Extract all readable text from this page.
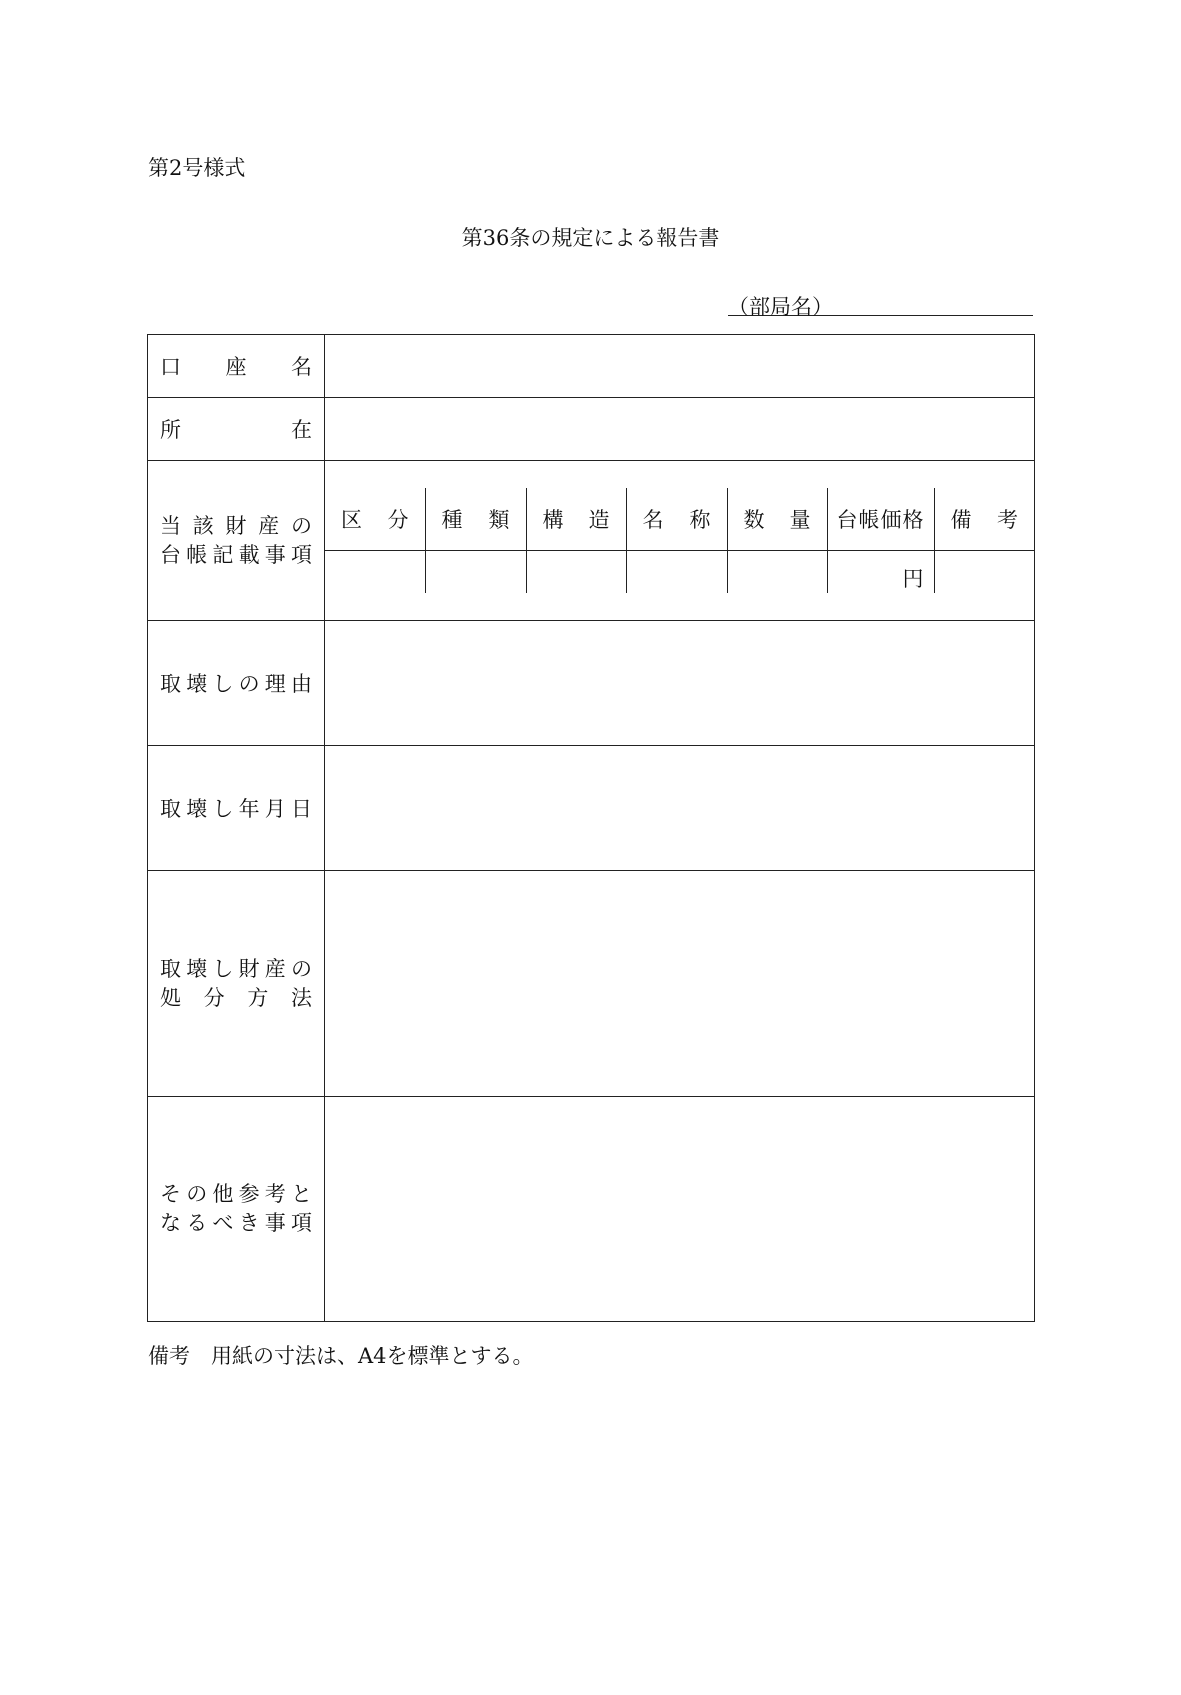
第2号様式
第36条の規定による報告書
（部局名）
口 座 名

所	在

当 該 財 産 の
台 帳 記 載 事 項

区 分	種 類	構 造	名 称	数 量	台帳価格	備 考

					円	

取 壊 し の 理 由

取 壊 し 年 月 日

取 壊 し 財 産 の
処 分 方 法

そ の 他 参 考 と
な る べ き 事 項

備考　用紙の寸法は、A4を標準とする。
